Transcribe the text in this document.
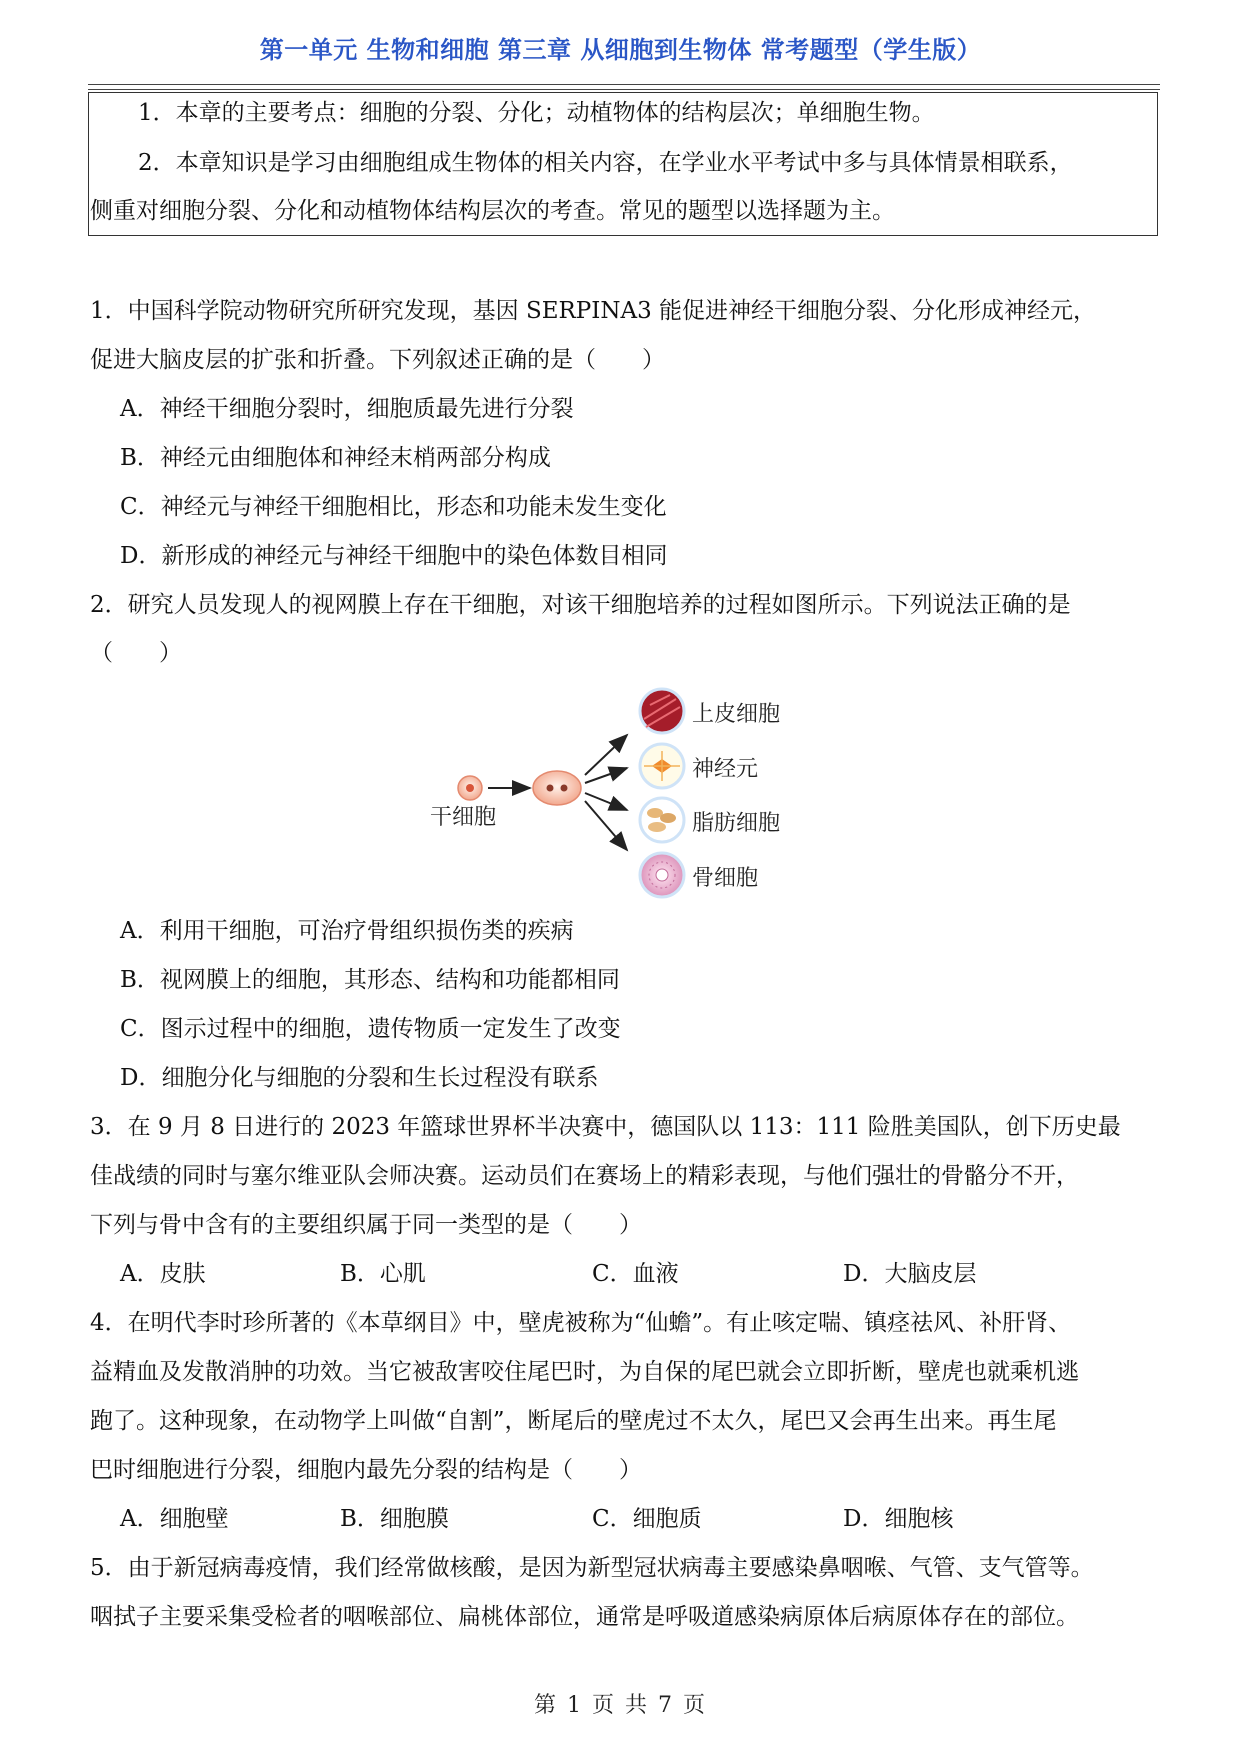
第一单元 生物和细胞 第三章 从细胞到生物体 常考题型（学生版）
1．本章的主要考点：细胞的分裂、分化；动植物体的结构层次；单细胞生物。
2．本章知识是学习由细胞组成生物体的相关内容，在学业水平考试中多与具体情景相联系，
侧重对细胞分裂、分化和动植物体结构层次的考查。常见的题型以选择题为主。
1．中国科学院动物研究所研究发现，基因 SERPINA3 能促进神经干细胞分裂、分化形成神经元，
促进大脑皮层的扩张和折叠。下列叙述正确的是（　　）
A．神经干细胞分裂时，细胞质最先进行分裂
B．神经元由细胞体和神经末梢两部分构成
C．神经元与神经干细胞相比，形态和功能未发生变化
D．新形成的神经元与神经干细胞中的染色体数目相同
2．研究人员发现人的视网膜上存在干细胞，对该干细胞培养的过程如图所示。下列说法正确的是
（　　）
干细胞
上皮细胞
神经元
脂肪细胞
骨细胞
A．利用干细胞，可治疗骨组织损伤类的疾病
B．视网膜上的细胞，其形态、结构和功能都相同
C．图示过程中的细胞，遗传物质一定发生了改变
D．细胞分化与细胞的分裂和生长过程没有联系
3．在 9 月 8 日进行的 2023 年篮球世界杯半决赛中，德国队以 113：111 险胜美国队，创下历史最
佳战绩的同时与塞尔维亚队会师决赛。运动员们在赛场上的精彩表现，与他们强壮的骨骼分不开，
下列与骨中含有的主要组织属于同一类型的是（　　）
A．皮肤	B．心肌	C．血液	D．大脑皮层
4．在明代李时珍所著的《本草纲目》中，壁虎被称为“仙蟾”。有止咳定喘、镇痉祛风、补肝肾、
益精血及发散消肿的功效。当它被敌害咬住尾巴时，为自保的尾巴就会立即折断，壁虎也就乘机逃
跑了。这种现象，在动物学上叫做“自割”，断尾后的壁虎过不太久，尾巴又会再生出来。再生尾
巴时细胞进行分裂，细胞内最先分裂的结构是（　　）
A．细胞壁	B．细胞膜	C．细胞质	D．细胞核
5．由于新冠病毒疫情，我们经常做核酸，是因为新型冠状病毒主要感染鼻咽喉、气管、支气管等。
咽拭子主要采集受检者的咽喉部位、扁桃体部位，通常是呼吸道感染病原体后病原体存在的部位。
第 1 页 共 7 页
